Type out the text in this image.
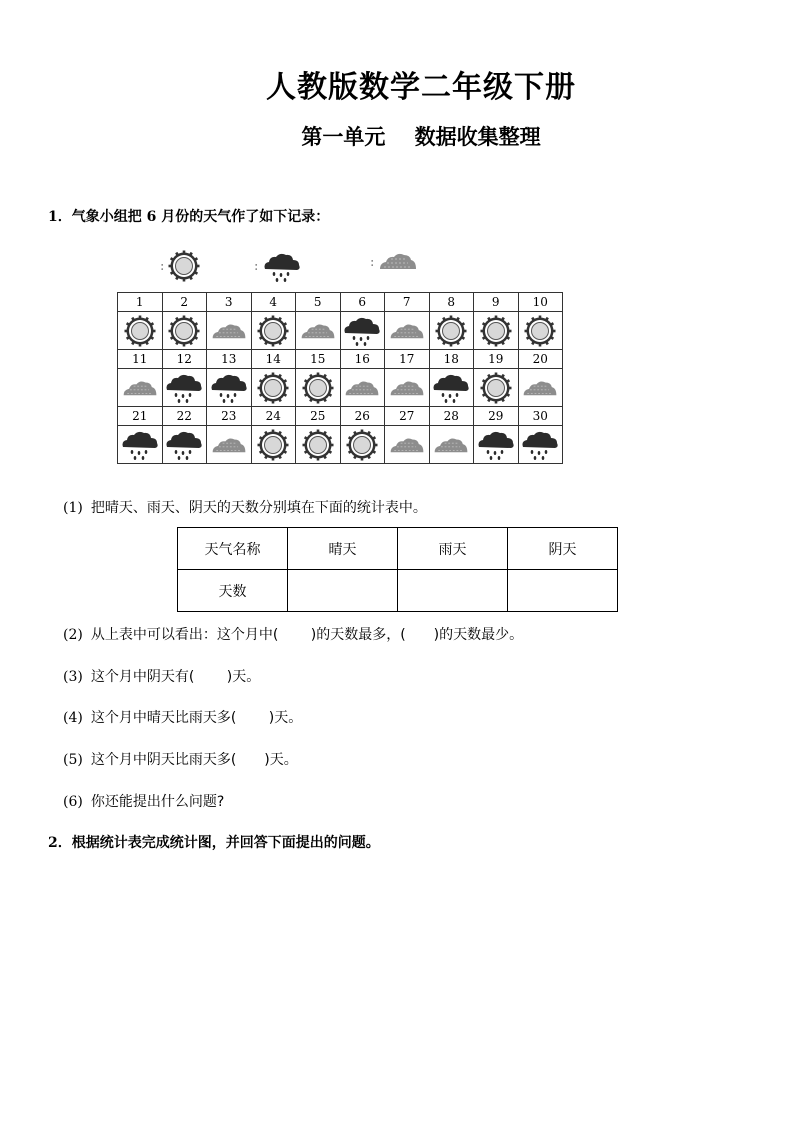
人教版数学二年级下册
第一单元    数据收集整理
1．气象小组把 6 月份的天气作了如下记录：
:	:	:
1	2	3	4	5	6	7	8	9	10

11	12	13	14	15	16	17	18	19	20

21	22	23	24	25	26	27	28	29	30

(1) 把晴天、雨天、阴天的天数分别填在下面的统计表中。
天气名称	晴天	雨天	阴天
天数			
(2) 从上表中可以看出：这个月中(　　 )的天数最多，(　　)的天数最少。
(3) 这个月中阴天有(　　 )天。
(4) 这个月中晴天比雨天多(　　 )天。
(5) 这个月中阴天比雨天多(　　)天。
(6) 你还能提出什么问题?
2．根据统计表完成统计图，并回答下面提出的问题。
